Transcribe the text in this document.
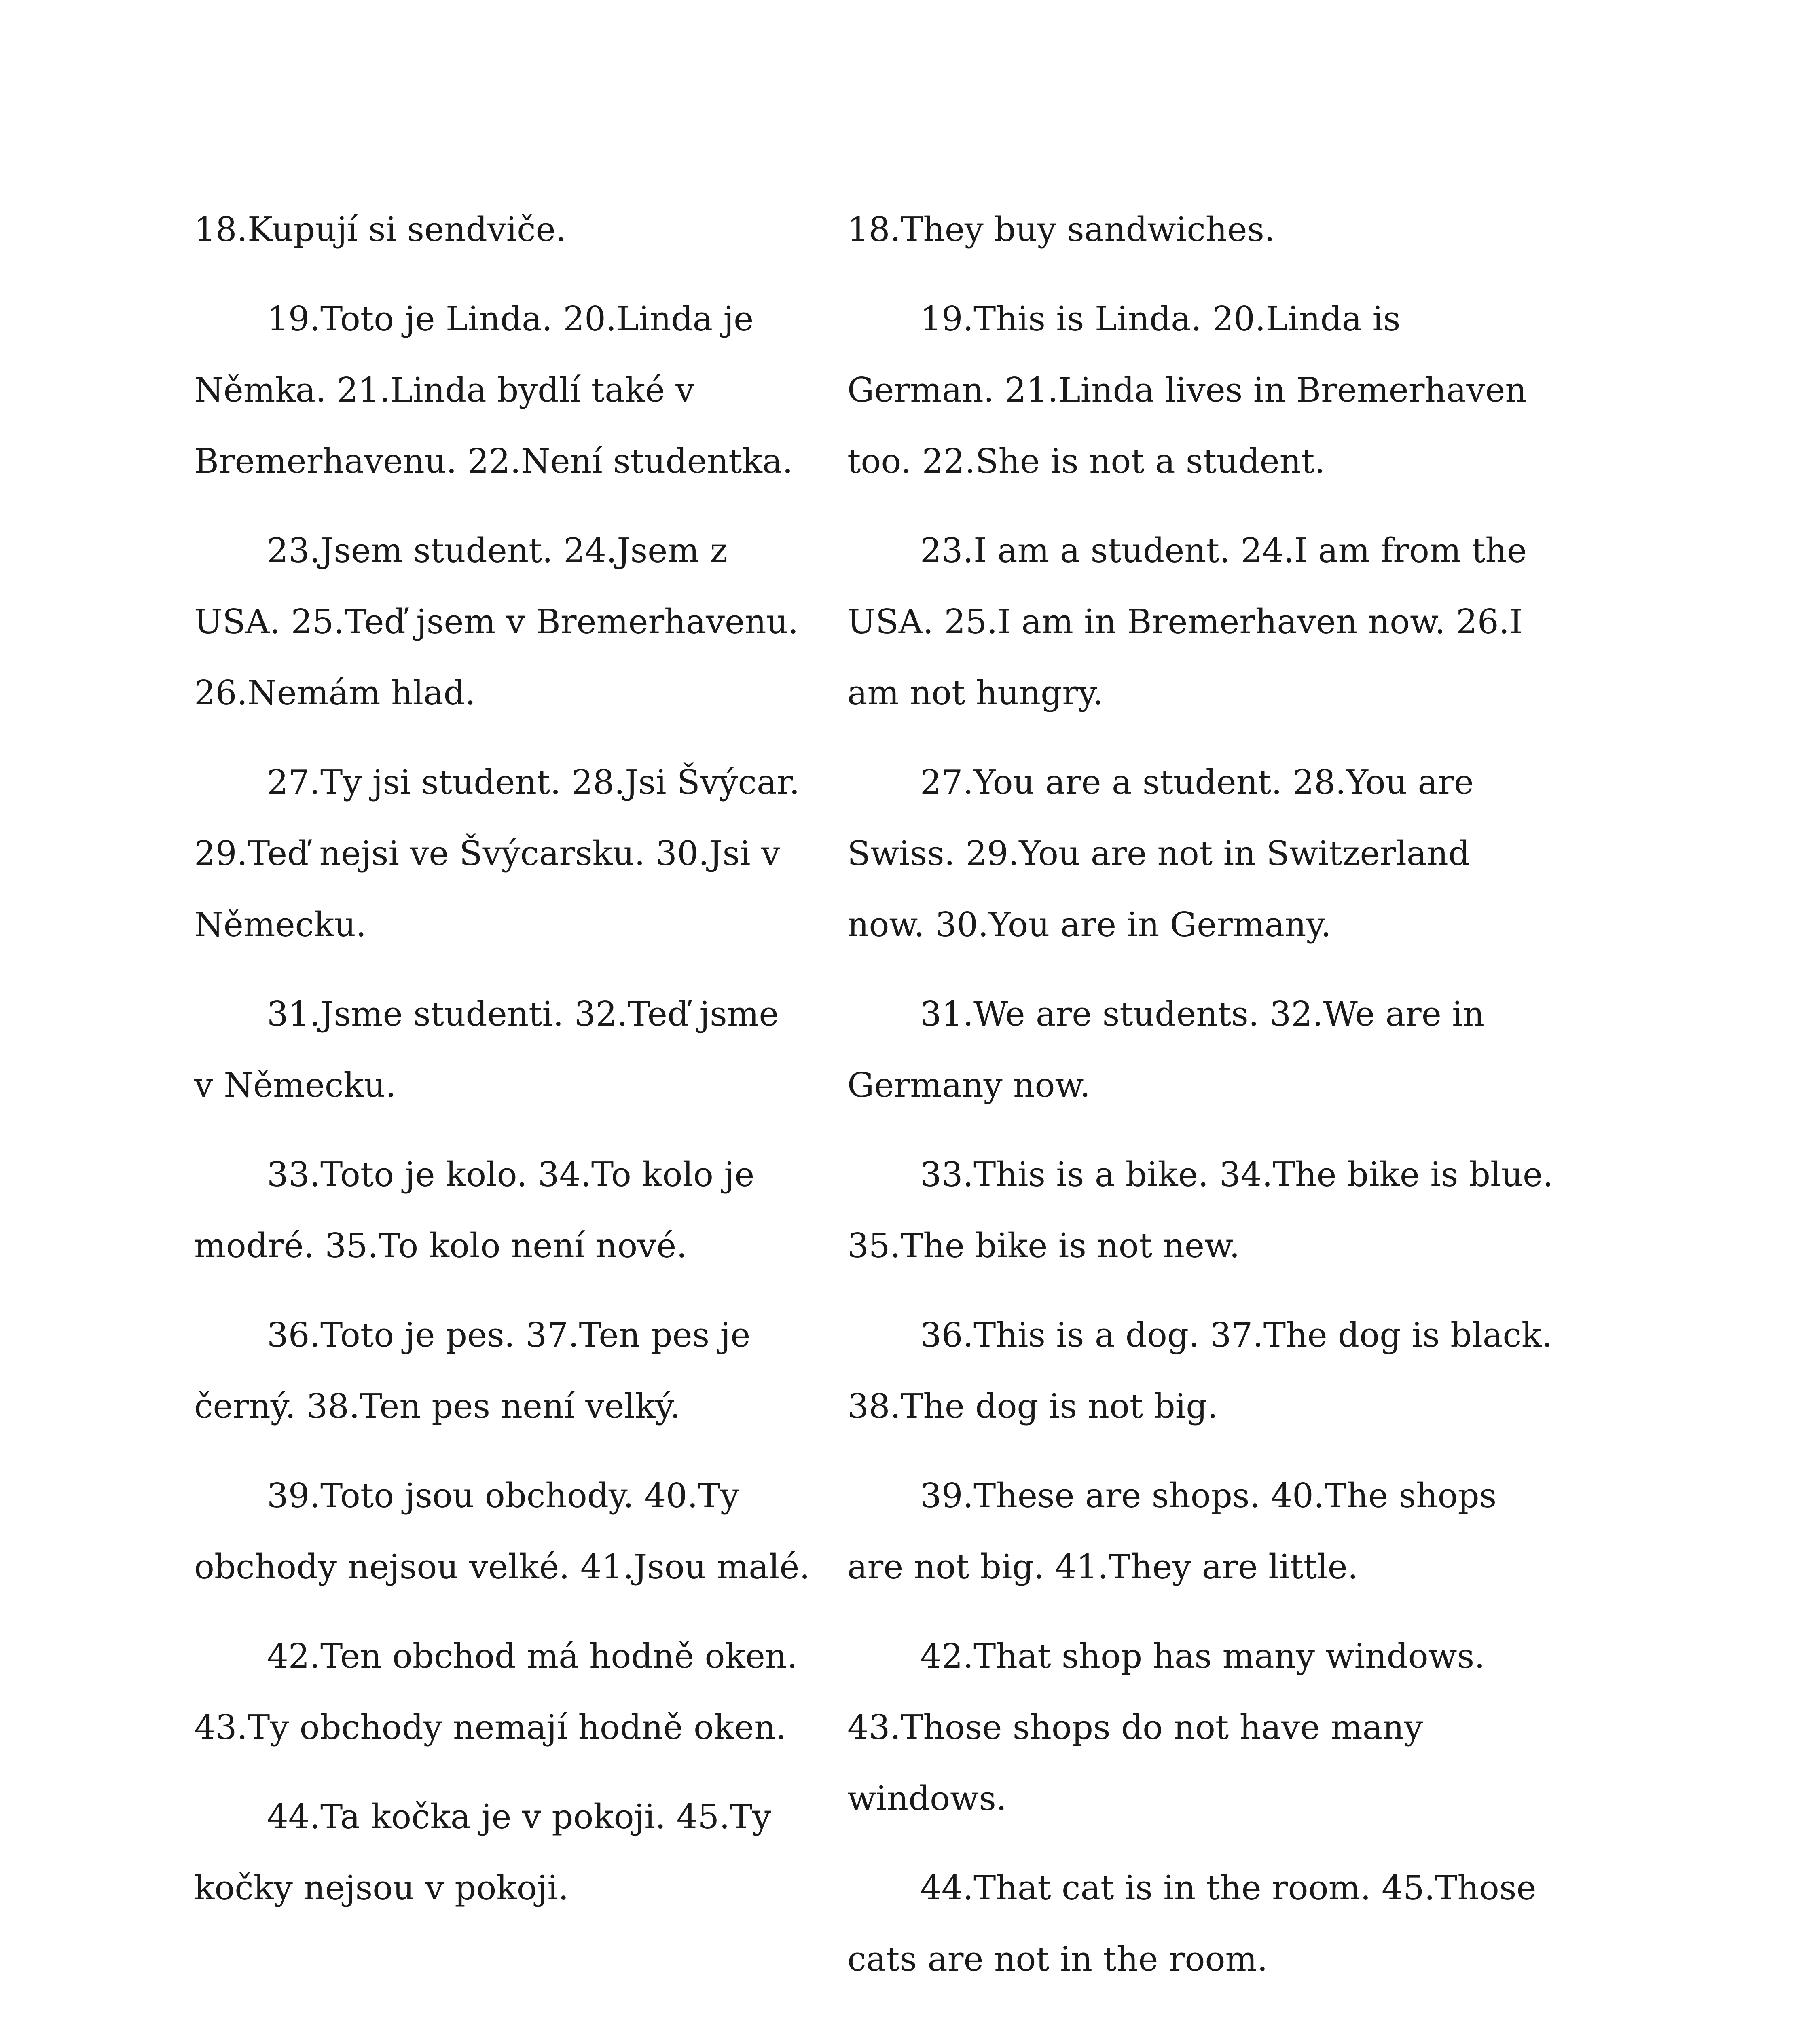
18.Kupují si sendviče.
19.Toto je Linda. 20.Linda je
Němka. 21.Linda bydlí také v
Bremerhavenu. 22.Není studentka.
23.Jsem student. 24.Jsem z
USA. 25.Teď jsem v Bremerhavenu.
26.Nemám hlad.
27.Ty jsi student. 28.Jsi Švýcar.
29.Teď nejsi ve Švýcarsku. 30.Jsi v
Německu.
31.Jsme studenti. 32.Teď jsme
v Německu.
33.Toto je kolo. 34.To kolo je
modré. 35.To kolo není nové.
36.Toto je pes. 37.Ten pes je
černý. 38.Ten pes není velký.
39.Toto jsou obchody. 40.Ty
obchody nejsou velké. 41.Jsou malé.
42.Ten obchod má hodně oken.
43.Ty obchody nemají hodně oken.
44.Ta kočka je v pokoji. 45.Ty
kočky nejsou v pokoji.
18.They buy sandwiches.
19.This is Linda. 20.Linda is
German. 21.Linda lives in Bremerhaven
too. 22.She is not a student.
23.I am a student. 24.I am from the
USA. 25.I am in Bremerhaven now. 26.I
am not hungry.
27.You are a student. 28.You are
Swiss. 29.You are not in Switzerland
now. 30.You are in Germany.
31.We are students. 32.We are in
Germany now.
33.This is a bike. 34.The bike is blue.
35.The bike is not new.
36.This is a dog. 37.The dog is black.
38.The dog is not big.
39.These are shops. 40.The shops
are not big. 41.They are little.
42.That shop has many windows.
43.Those shops do not have many
windows.
44.That cat is in the room. 45.Those
cats are not in the room.
